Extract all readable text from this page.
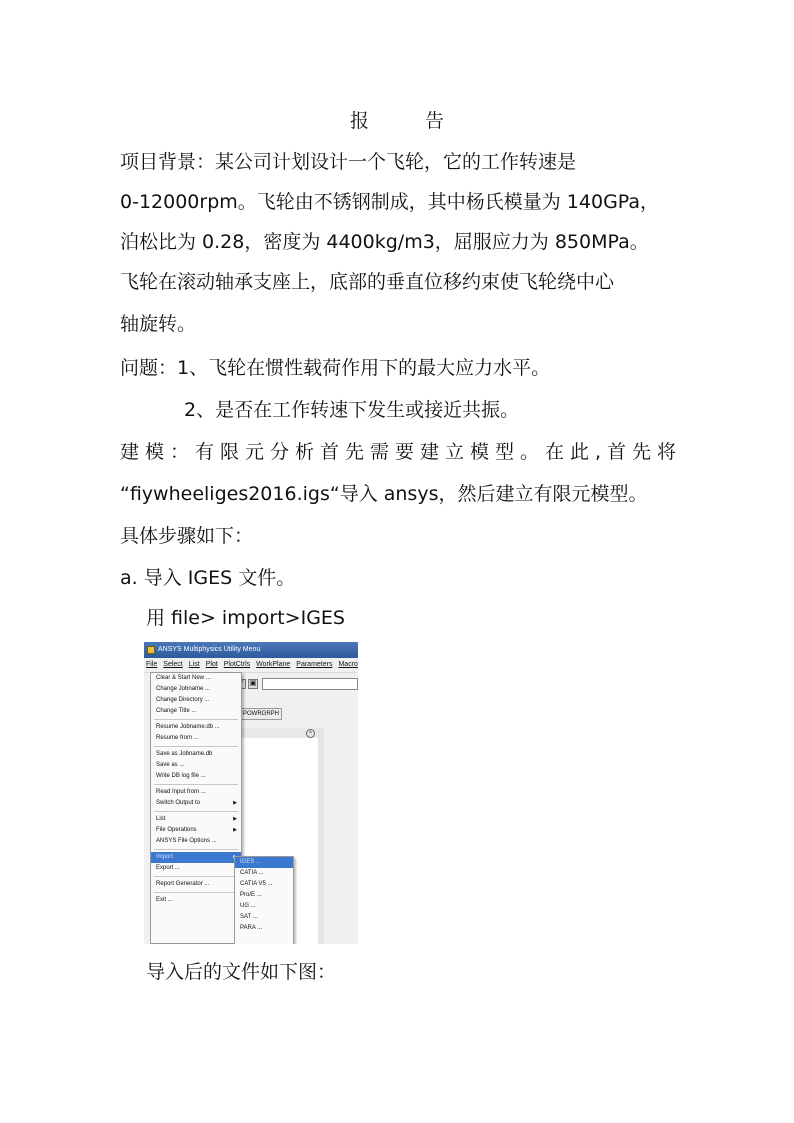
报告
项目背景：某公司计划设计一个飞轮，它的工作转速是
0-12000rpm。飞轮由不锈钢制成，其中杨氏模量为 140GPa，
泊松比为 0.28，密度为 4400kg/m3，屈服应力为 850MPa。
飞轮在滚动轴承支座上，底部的垂直位移约束使飞轮绕中心
轴旋转。
问题：1、飞轮在惯性载荷作用下的最大应力水平。
2、是否在工作转速下发生或接近共振。
建模：有限元分析首先需要建立模型。在此,首先将
“fiywheeliges2016.igs“导入 ansys，然后建立有限元模型。
具体步骤如下：
a. 导入 IGES 文件。
用 file> import>IGES
ANSYS Multiphysics Utility Menu
File Select List Plot PlotCtrls WorkPlane Parameters Macro
▣
POWRGRPH
×
Clear & Start New ...
Change Jobname ...
Change Directory ...
Change Title ...
Resume Jobname.db ...
Resume from ...
Save as Jobname.db
Save as ...
Write DB log file ...
Read Input from ...
Switch Output to	▶
List	▶
File Operations	▶
ANSYS File Options ...
Import
Export ...
Report Generator ...
Exit ...
IGES ...
CATIA ...
CATIA V5 ...
Pro/E ...
UG ...
SAT ...
PARA ...
导入后的文件如下图：
